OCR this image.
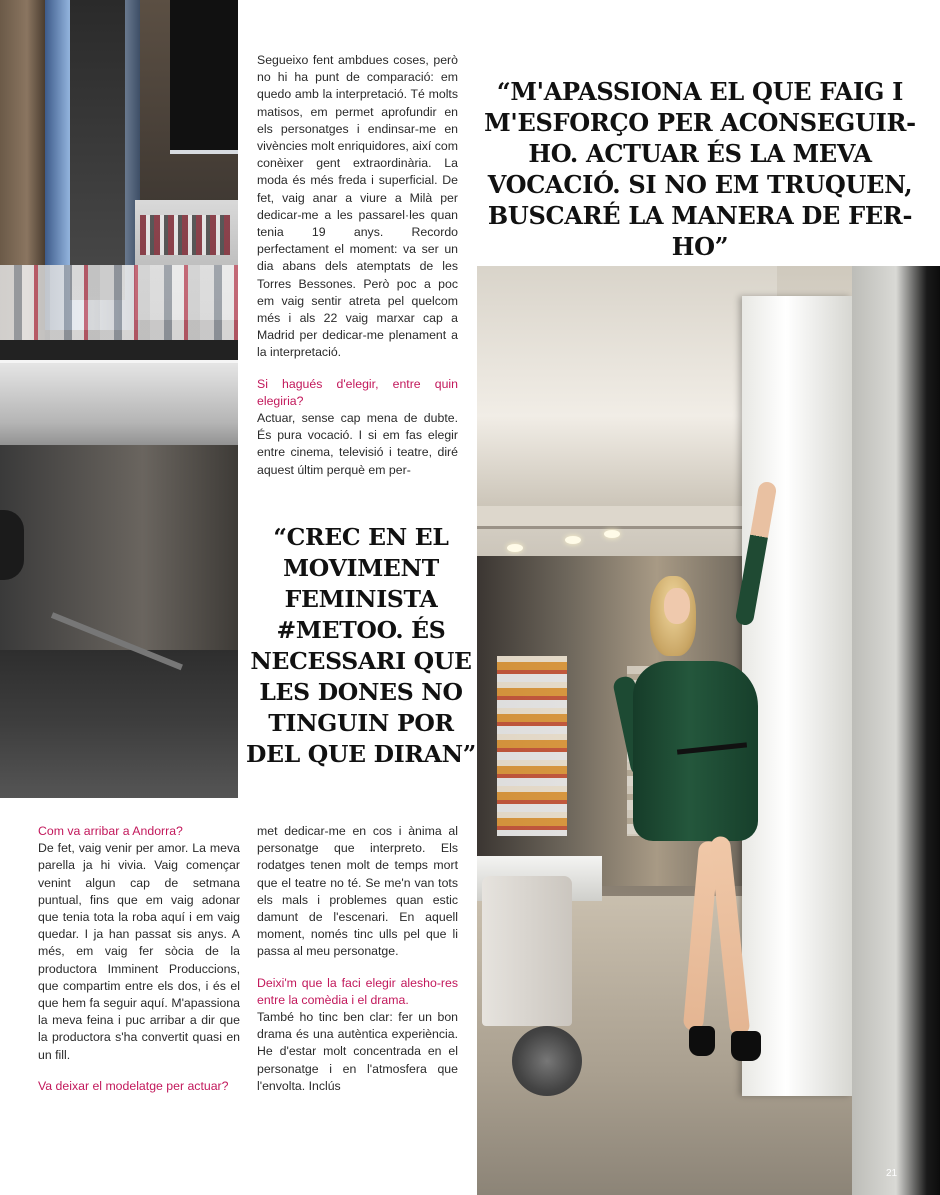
Segueixo fent ambdues coses, però no hi ha punt de comparació: em quedo amb la interpretació. Té molts matisos, em permet aprofundir en els personatges i endinsar-me en vivències molt enriquidores, així com conèixer gent extraordinària. La moda és més freda i superficial. De fet, vaig anar a viure a Milà per dedicar-me a les passarel·les quan tenia 19 anys. Recordo perfectament el moment: va ser un dia abans dels atemptats de les Torres Bessones. Però poc a poc em vaig sentir atreta pel quelcom més i als 22 vaig marxar cap a Madrid per dedicar-me plenament a la interpretació.

Si hagués d'elegir, entre quin elegiria?

Actuar, sense cap mena de dubte. És pura vocació. I si em fas elegir entre cinema, televisió i teatre, diré aquest últim perquè em per-

“M'APASSIONA EL QUE FAIG I M'ESFORÇO PER ACONSEGUIR-HO. ACTUAR ÉS LA MEVA VOCACIÓ. SI NO EM TRUQUEN, BUSCARÉ LA MANERA DE FER-HO”
“CREC EN EL MOVIMENT FEMINISTA #METOO. ÉS NECESSARI QUE LES DONES NO TINGUIN POR DEL QUE DIRAN”

Com va arribar a Andorra?

De fet, vaig venir per amor. La meva parella ja hi vivia. Vaig començar venint algun cap de setmana puntual, fins que em vaig adonar que tenia tota la roba aquí i em vaig quedar. I ja han passat sis anys. A més, em vaig fer sòcia de la productora Imminent Produccions, que compartim entre els dos, i és el que hem fa seguir aquí. M'apassiona la meva feina i puc arribar a dir que la productora s'ha convertit quasi en un fill.

Va deixar el modelatge per actuar?

met dedicar-me en cos i ànima al personatge que interpreto. Els rodatges tenen molt de temps mort que el teatre no té. Se me'n van tots els mals i problemes quan estic damunt de l'escenari. En aquell moment, només tinc ulls pel que li passa al meu personatge.

Deixi'm que la faci elegir alesho-res entre la comèdia i el drama.

També ho tinc ben clar: fer un bon drama és una autèntica experiència. He d'estar molt concentrada en el personatge i en l'atmosfera que l'envolta. Inclús

21
